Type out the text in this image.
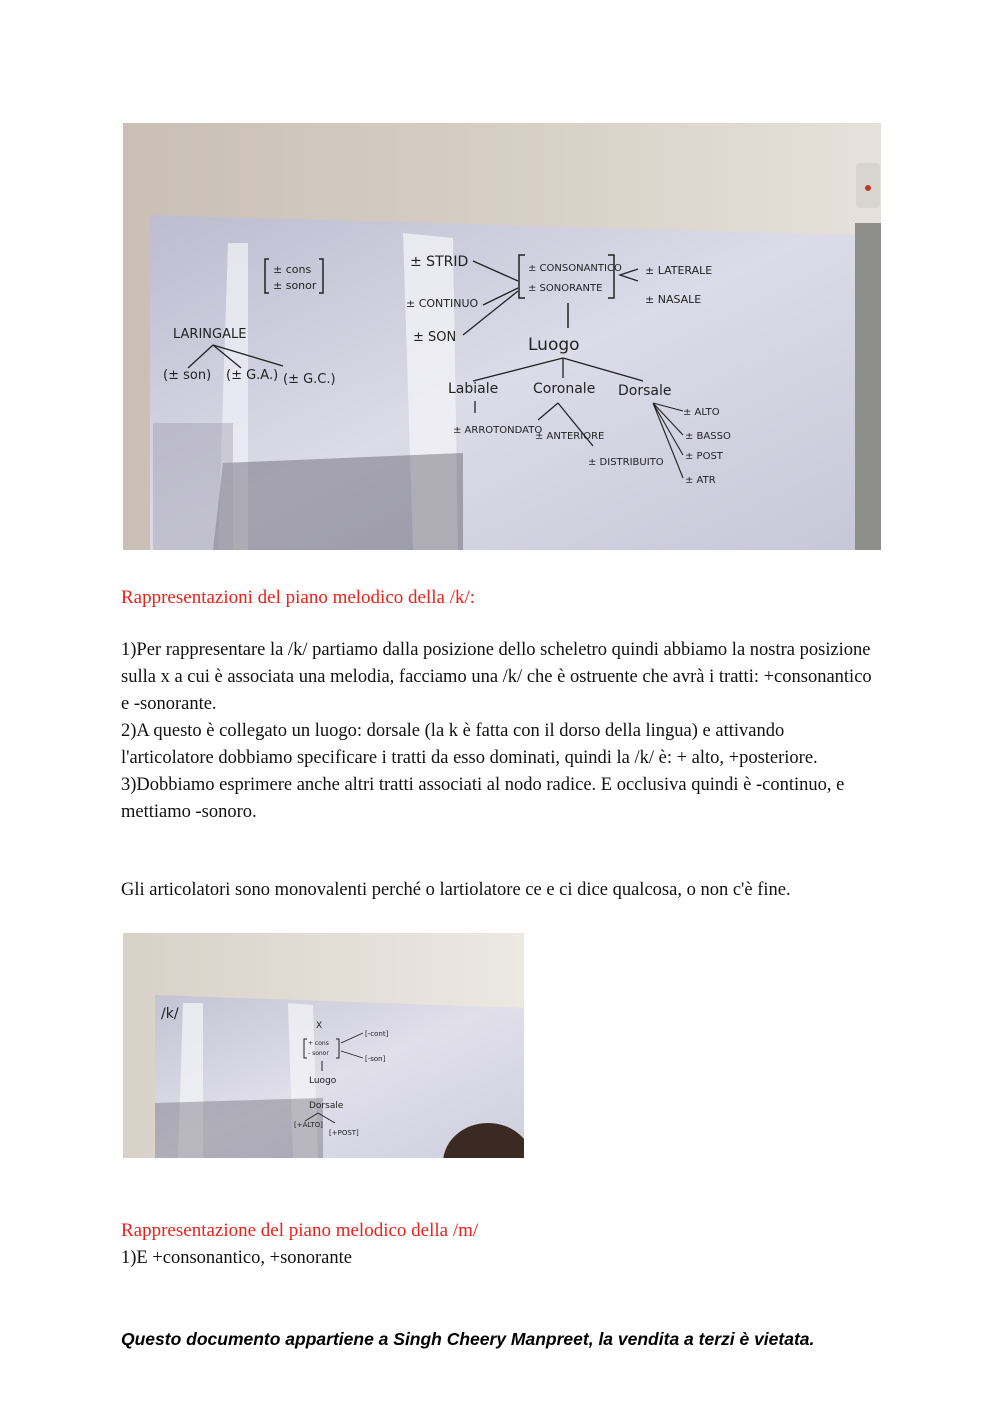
± cons
± sonor
LARINGALE
(± son) (± G.A.) (± G.C.)
± STRID
± CONTINUO
± SON
± CONSONANTICO
± SONORANTE
± LATERALE
± NASALE
Luogo
Labiale Coronale Dorsale
± ARROTONDATO
± ANTERIORE
± DISTRIBUITO
± ALTO
± BASSO
± POST
± ATR
Rappresentazioni del piano melodico della /k/:

1)Per rappresentare la /k/ partiamo dalla posizione dello scheletro quindi abbiamo la nostra posizione sulla x a cui è associata una melodia, facciamo una /k/ che è ostruente che avrà i tratti: +consonantico e -sonorante.

2)A questo è collegato un luogo: dorsale (la k è fatta con il dorso della lingua) e attivando l'articolatore dobbiamo specificare i tratti da esso dominati, quindi la /k/ è: + alto, +posteriore.

3)Dobbiamo esprimere anche altri tratti associati al nodo radice. E occlusiva quindi è -continuo, e mettiamo -sonoro.

Gli articolatori sono monovalenti perché o lartiolatore ce e ci dice qualcosa, o non c'è fine.
/k/
X
+ cons
- sonor
[-cont]
[-son]
Luogo
Dorsale
[+ALTO]
[+POST]
Rappresentazione del piano melodico della /m/
1)E +consonantico, +sonorante
Questo documento appartiene a Singh Cheery Manpreet, la vendita a terzi è vietata.
